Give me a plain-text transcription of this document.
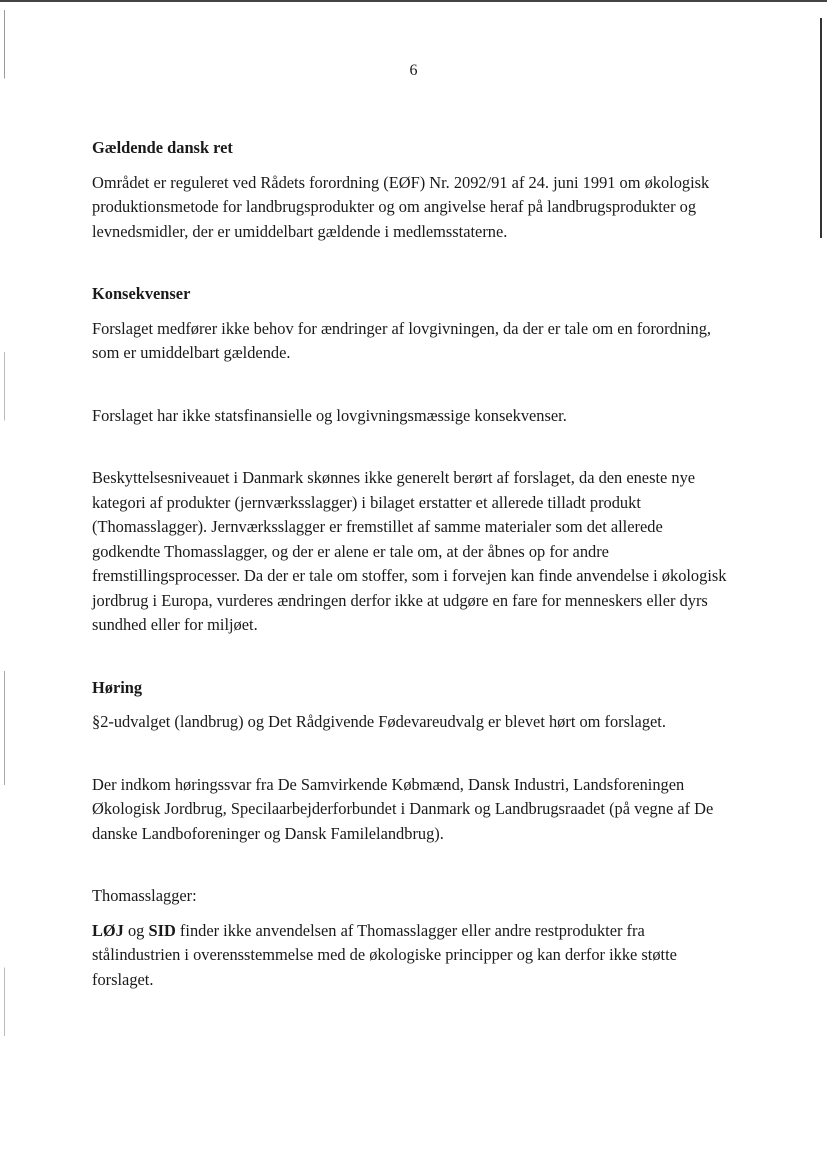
6
Gældende dansk ret

Området er reguleret ved Rådets forordning (EØF) Nr. 2092/91 af 24. juni 1991 om økologisk produktionsmetode for landbrugsprodukter og om angivelse heraf på landbrugsprodukter og levnedsmidler, der er umiddelbart gældende i medlemsstaterne.

Konsekvenser

Forslaget medfører ikke behov for ændringer af lovgivningen, da der er tale om en forordning, som er umiddelbart gældende.

Forslaget har ikke statsfinansielle og lovgivningsmæssige konsekvenser.

Beskyttelsesniveauet i Danmark skønnes ikke generelt berørt af forslaget, da den eneste nye kategori af produkter (jernværksslagger) i bilaget erstatter et allerede tilladt produkt (Thomasslagger). Jernværksslagger er fremstillet af samme materialer som det allerede godkendte Thomasslagger, og der er alene er tale om, at der åbnes op for andre fremstillingsprocesser. Da der er tale om stoffer, som i forvejen kan finde anvendelse i økologisk jordbrug i Europa, vurderes ændringen derfor ikke at udgøre en fare for menneskers eller dyrs sundhed eller for miljøet.

Høring

§2-udvalget (landbrug) og Det Rådgivende Fødevareudvalg er blevet hørt om forslaget.

Der indkom høringssvar fra De Samvirkende Købmænd, Dansk Industri, Landsforeningen Økologisk Jordbrug, Specilaarbejderforbundet i Danmark og Landbrugsraadet (på vegne af De danske Landboforeninger og Dansk Familelandbrug).

Thomasslagger:

LØJ og SID finder ikke anvendelsen af Thomasslagger eller andre restprodukter fra stålindustrien i overensstemmelse med de økologiske principper og kan derfor ikke støtte forslaget.
